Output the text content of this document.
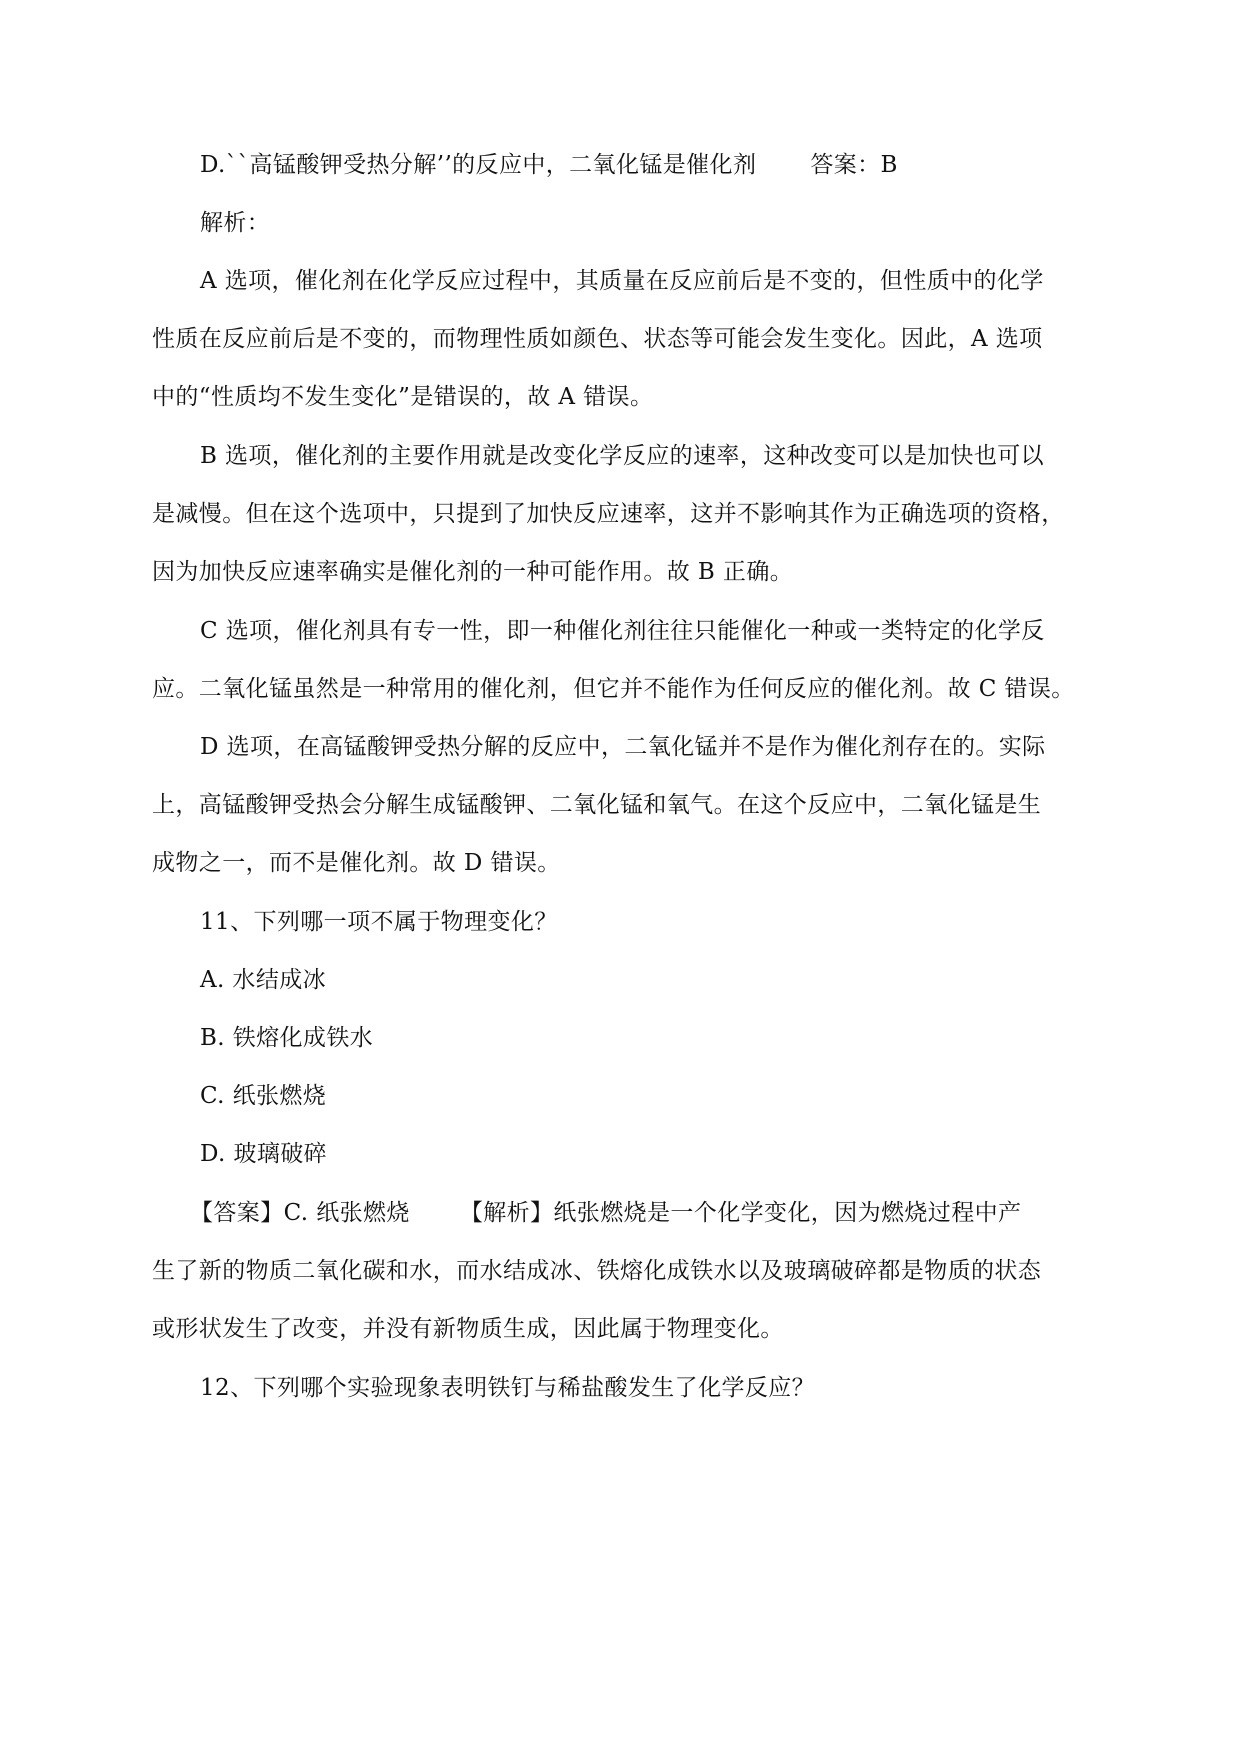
D.``高锰酸钾受热分解’’的反应中，二氧化锰是催化剂 答案：B
解析：
A 选项，催化剂在化学反应过程中，其质量在反应前后是不变的，但性质中的化学
性质在反应前后是不变的，而物理性质如颜色、状态等可能会发生变化。因此，A 选项
中的“性质均不发生变化”是错误的，故 A 错误。
B 选项，催化剂的主要作用就是改变化学反应的速率，这种改变可以是加快也可以
是减慢。但在这个选项中，只提到了加快反应速率，这并不影响其作为正确选项的资格，
因为加快反应速率确实是催化剂的一种可能作用。故 B 正确。
C 选项，催化剂具有专一性，即一种催化剂往往只能催化一种或一类特定的化学反
应。二氧化锰虽然是一种常用的催化剂，但它并不能作为任何反应的催化剂。故 C 错误。
D 选项，在高锰酸钾受热分解的反应中，二氧化锰并不是作为催化剂存在的。实际
上，高锰酸钾受热会分解生成锰酸钾、二氧化锰和氧气。在这个反应中，二氧化锰是生
成物之一，而不是催化剂。故 D 错误。
11、下列哪一项不属于物理变化？
A. 水结成冰
B. 铁熔化成铁水
C. 纸张燃烧
D. 玻璃破碎
【答案】C. 纸张燃烧 【解析】纸张燃烧是一个化学变化，因为燃烧过程中产
生了新的物质二氧化碳和水，而水结成冰、铁熔化成铁水以及玻璃破碎都是物质的状态
或形状发生了改变，并没有新物质生成，因此属于物理变化。
12、下列哪个实验现象表明铁钉与稀盐酸发生了化学反应？
